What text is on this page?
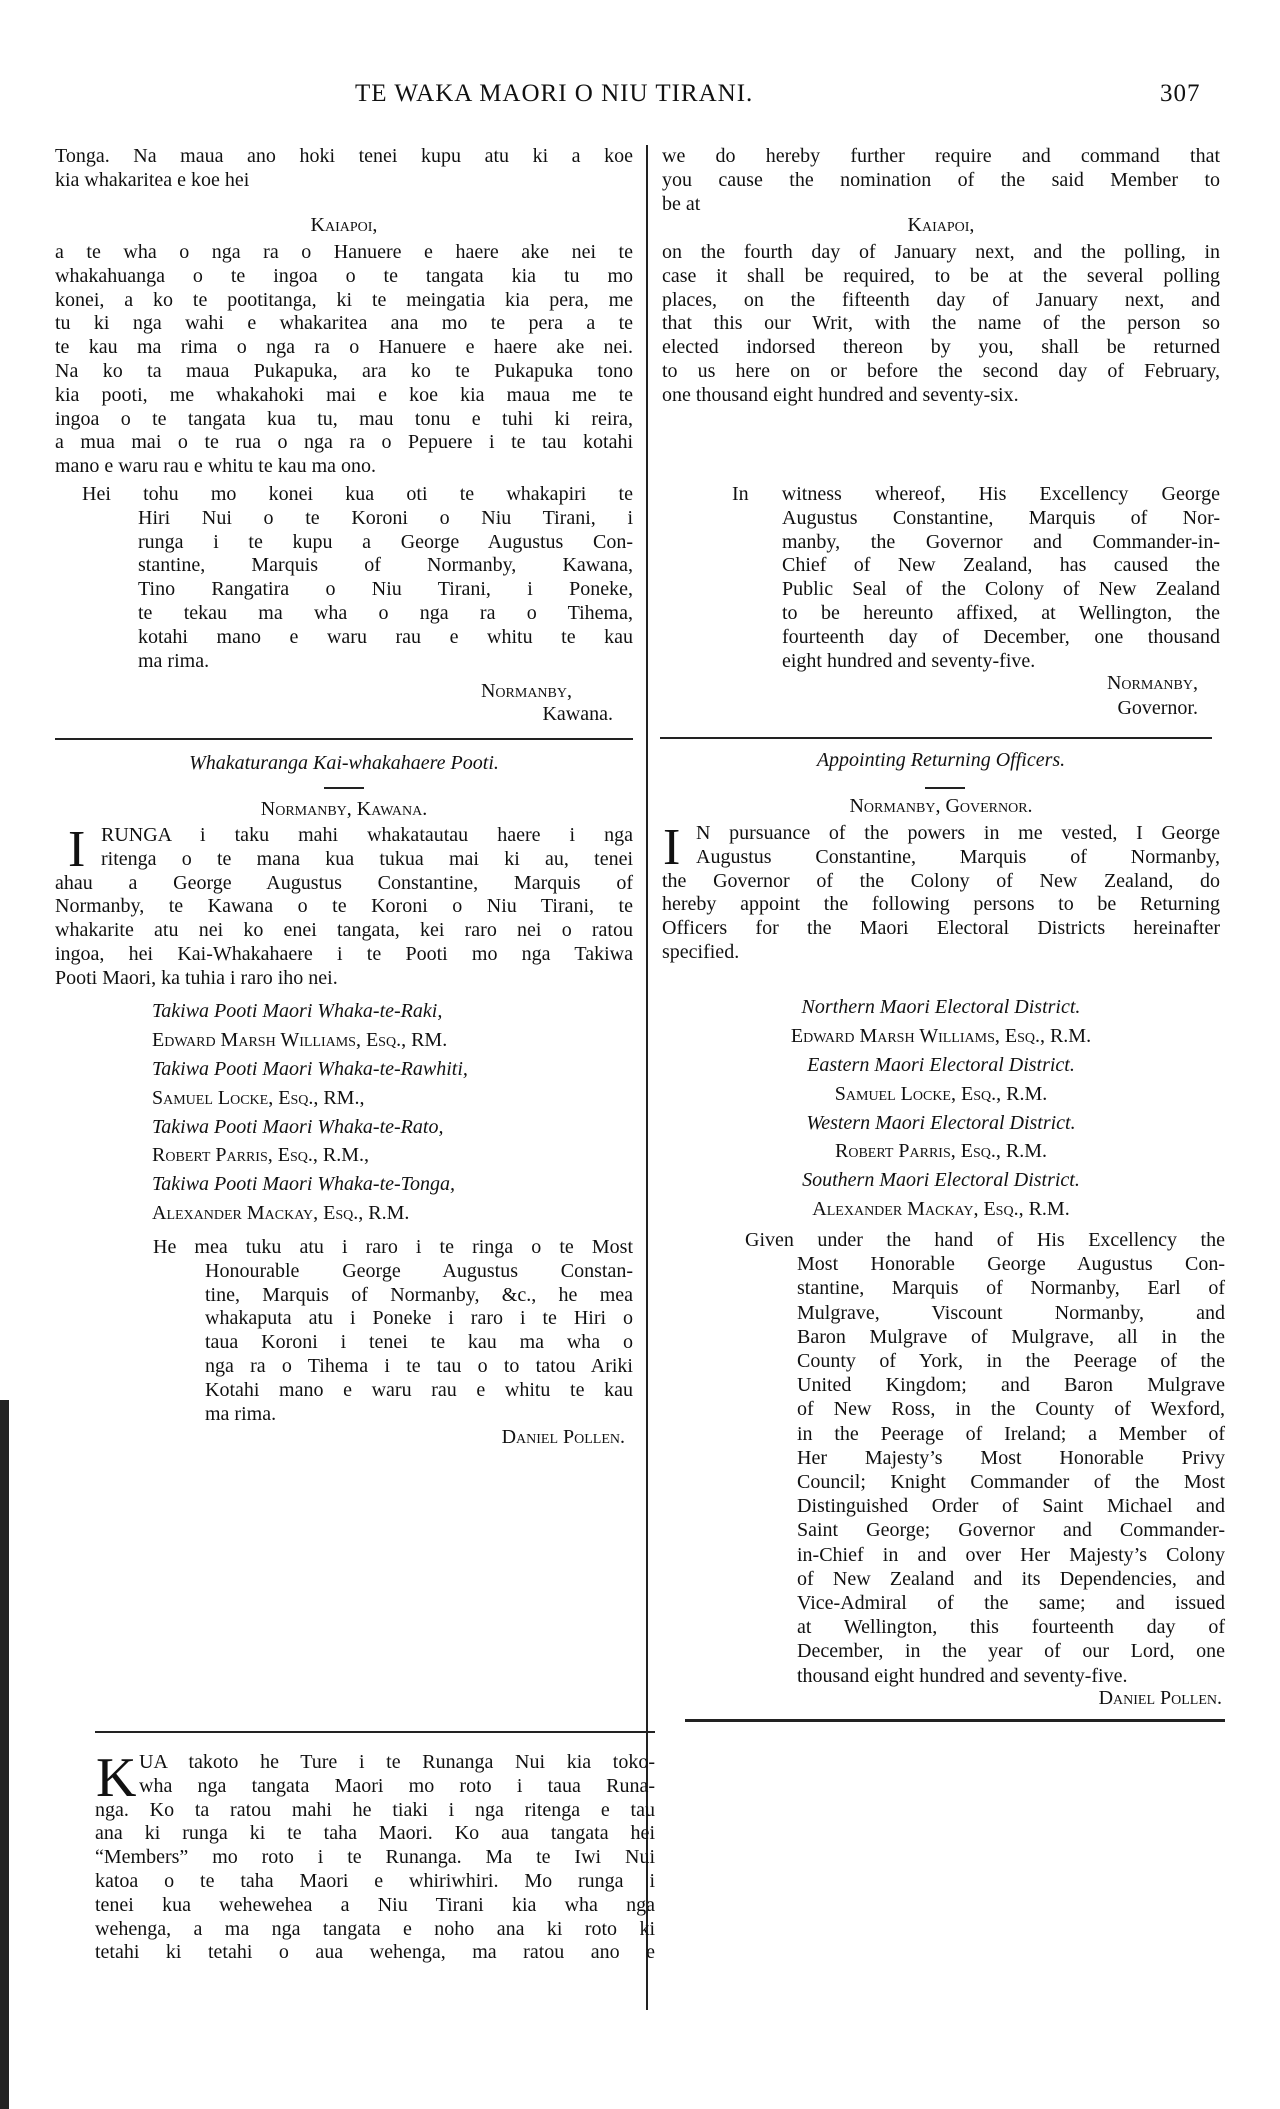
TE WAKA MAORI O NIU TIRANI.	307
Tonga. Na maua ano hoki tenei kupu atu ki a koe
kia whakaritea e koe hei
Kaiapoi,
a te wha o nga ra o Hanuere e haere ake nei te
whakahuanga o te ingoa o te tangata kia tu mo
konei, a ko te pootitanga, ki te meingatia kia pera, me
tu ki nga wahi e whakaritea ana mo te pera a te
te kau ma rima o nga ra o Hanuere e haere ake nei.
Na ko ta maua Pukapuka, ara ko te Pukapuka tono
kia pooti, me whakahoki mai e koe kia maua me te
ingoa o te tangata kua tu, mau tonu e tuhi ki reira,
a mua mai o te rua o nga ra o Pepuere i te tau kotahi
mano e waru rau e whitu te kau ma ono.
Hei tohu mo konei kua oti te whakapiri te
Hiri Nui o te Koroni o Niu Tirani, i
runga i te kupu a George Augustus Con-
stantine, Marquis of Normanby, Kawana,
Tino Rangatira o Niu Tirani, i Poneke,
te tekau ma wha o nga ra o Tihema,
kotahi mano e waru rau e whitu te kau
ma rima.
Normanby,
Kawana.
Whakaturanga Kai-whakahaere Pooti.
Normanby, Kawana.
I RUNGA i taku mahi whakatautau haere i nga
ritenga o te mana kua tukua mai ki au, tenei
ahau a George Augustus Constantine, Marquis of
Normanby, te Kawana o te Koroni o Niu Tirani, te
whakarite atu nei ko enei tangata, kei raro nei o ratou
ingoa, hei Kai-Whakahaere i te Pooti mo nga Takiwa
Pooti Maori, ka tuhia i raro iho nei.
Takiwa Pooti Maori Whaka-te-Raki,
Edward Marsh Williams, Esq., RM.
Takiwa Pooti Maori Whaka-te-Rawhiti,
Samuel Locke, Esq., RM.,
Takiwa Pooti Maori Whaka-te-Rato,
Robert Parris, Esq., R.M.,
Takiwa Pooti Maori Whaka-te-Tonga,
Alexander Mackay, Esq., R.M.
He mea tuku atu i raro i te ringa o te Most
Honourable George Augustus Constan-
tine, Marquis of Normanby, &c., he mea
whakaputa atu i Poneke i raro i te Hiri o
taua Koroni i tenei te kau ma wha o
nga ra o Tihema i te tau o to tatou Ariki
Kotahi mano e waru rau e whitu te kau
ma rima.
Daniel Pollen.
K UA takoto he Ture i te Runanga Nui kia toko-
wha nga tangata Maori mo roto i taua Runa-
nga. Ko ta ratou mahi he tiaki i nga ritenga e tau
ana ki runga ki te taha Maori. Ko aua tangata hei
“Members” mo roto i te Runanga. Ma te Iwi Nui
katoa o te taha Maori e whiriwhiri. Mo runga i
tenei kua wehewehea a Niu Tirani kia wha nga
wehenga, a ma nga tangata e noho ana ki roto ki
tetahi ki tetahi o aua wehenga, ma ratou ano e
we do hereby further require and command that
you cause the nomination of the said Member to
be at
Kaiapoi,
on the fourth day of January next, and the polling, in
case it shall be required, to be at the several polling
places, on the fifteenth day of January next, and
that this our Writ, with the name of the person so
elected indorsed thereon by you, shall be returned
to us here on or before the second day of February,
one thousand eight hundred and seventy-six.
In witness whereof, His Excellency George
Augustus Constantine, Marquis of Nor-
manby, the Governor and Commander-in-
Chief of New Zealand, has caused the
Public Seal of the Colony of New Zealand
to be hereunto affixed, at Wellington, the
fourteenth day of December, one thousand
eight hundred and seventy-five.
Normanby,
Governor.
Appointing Returning Officers.
Normanby, Governor.
I N pursuance of the powers in me vested, I George
Augustus Constantine, Marquis of Normanby,
the Governor of the Colony of New Zealand, do
hereby appoint the following persons to be Returning
Officers for the Maori Electoral Districts hereinafter
specified.
Northern Maori Electoral District.
Edward Marsh Williams, Esq., R.M.
Eastern Maori Electoral District.
Samuel Locke, Esq., R.M.
Western Maori Electoral District.
Robert Parris, Esq., R.M.
Southern Maori Electoral District.
Alexander Mackay, Esq., R.M.
Given under the hand of His Excellency the
Most Honorable George Augustus Con-
stantine, Marquis of Normanby, Earl of
Mulgrave, Viscount Normanby, and
Baron Mulgrave of Mulgrave, all in the
County of York, in the Peerage of the
United Kingdom; and Baron Mulgrave
of New Ross, in the County of Wexford,
in the Peerage of Ireland; a Member of
Her Majesty’s Most Honorable Privy
Council; Knight Commander of the Most
Distinguished Order of Saint Michael and
Saint George; Governor and Commander-
in-Chief in and over Her Majesty’s Colony
of New Zealand and its Dependencies, and
Vice-Admiral of the same; and issued
at Wellington, this fourteenth day of
December, in the year of our Lord, one
thousand eight hundred and seventy-five.
Daniel Pollen.
